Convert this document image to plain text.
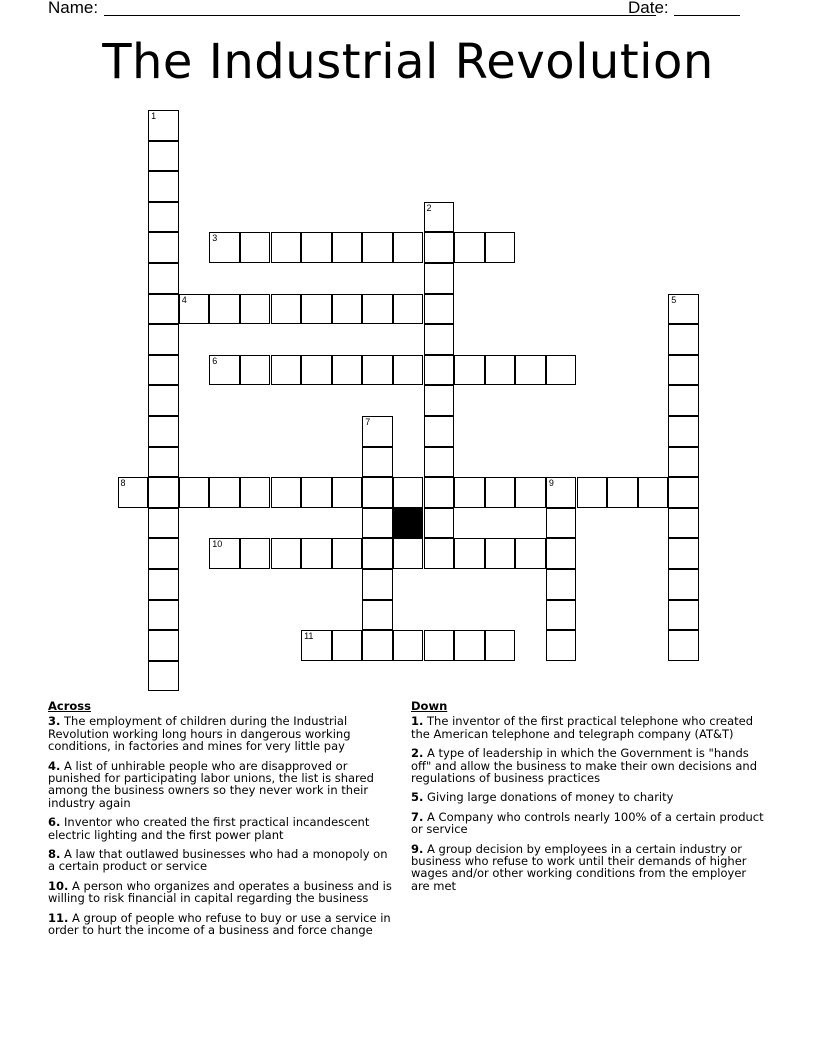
Name:	Date:
The Industrial Revolution
1
2
3
4	5
6
7
8	9
10
11
Across
3. The employment of children during the Industrial Revolution working long hours in dangerous working conditions, in factories and mines for very little pay
4. A list of unhirable people who are disapproved or punished for participating labor unions, the list is shared among the business owners so they never work in their industry again
6. Inventor who created the first practical incandescent electric lighting and the first power plant
8. A law that outlawed businesses who had a monopoly on a certain product or service
10. A person who organizes and operates a business and is willing to risk financial in capital regarding the business
11. A group of people who refuse to buy or use a service in order to hurt the income of a business and force change
Down
1. The inventor of the first practical telephone who created the American telephone and telegraph company (AT&T)
2. A type of leadership in which the Government is "hands off" and allow the business to make their own decisions and regulations of business practices
5. Giving large donations of money to charity
7. A Company who controls nearly 100% of a certain product or service
9. A group decision by employees in a certain industry or business who refuse to work until their demands of higher wages and/or other working conditions from the employer are met
